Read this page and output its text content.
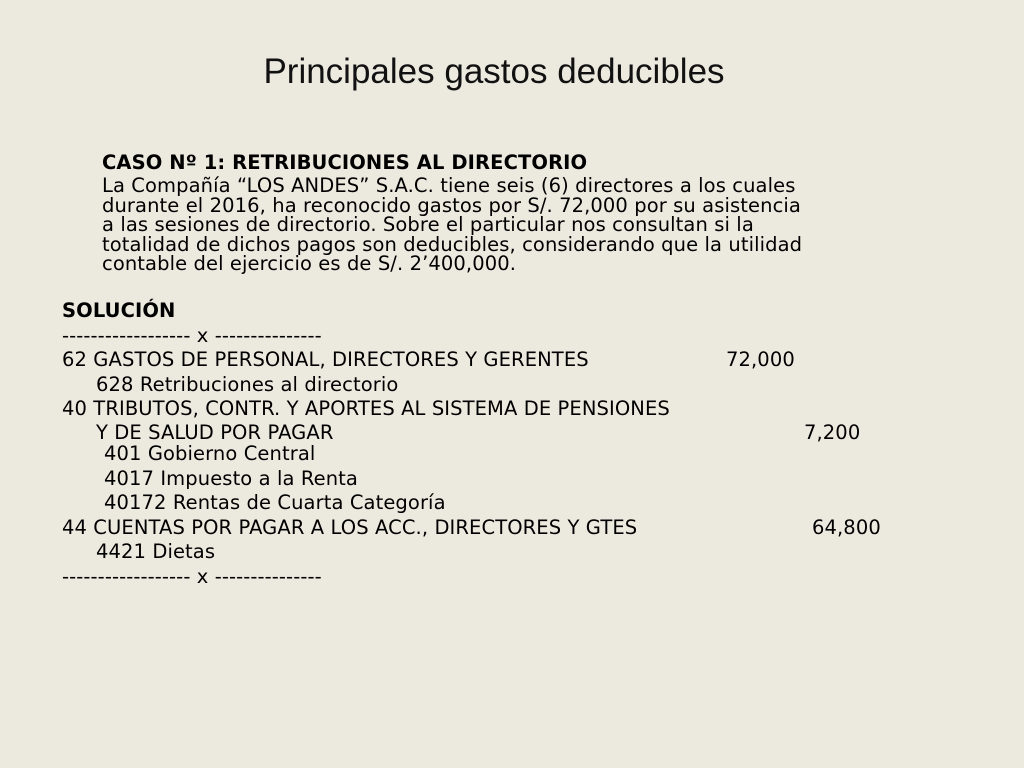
Principales gastos deducibles
CASO Nº 1: RETRIBUCIONES AL DIRECTORIO
La Compañía “LOS ANDES” S.A.C. tiene seis (6) directores a los cuales
durante el 2016, ha reconocido gastos por S/. 72,000 por su asistencia
a las sesiones de directorio. Sobre el particular nos consultan si la
totalidad de dichos pagos son deducibles, considerando que la utilidad
contable del ejercicio es de S/. 2’400,000.
SOLUCIÓN
------------------ x ---------------
62 GASTOS DE PERSONAL, DIRECTORES Y GERENTES	72,000
628 Retribuciones al directorio
40 TRIBUTOS, CONTR. Y APORTES AL SISTEMA DE PENSIONES
Y DE SALUD POR PAGAR	7,200
401 Gobierno Central
4017 Impuesto a la Renta
40172 Rentas de Cuarta Categoría
44 CUENTAS POR PAGAR A LOS ACC., DIRECTORES Y GTES	64,800
4421 Dietas
------------------ x ---------------
